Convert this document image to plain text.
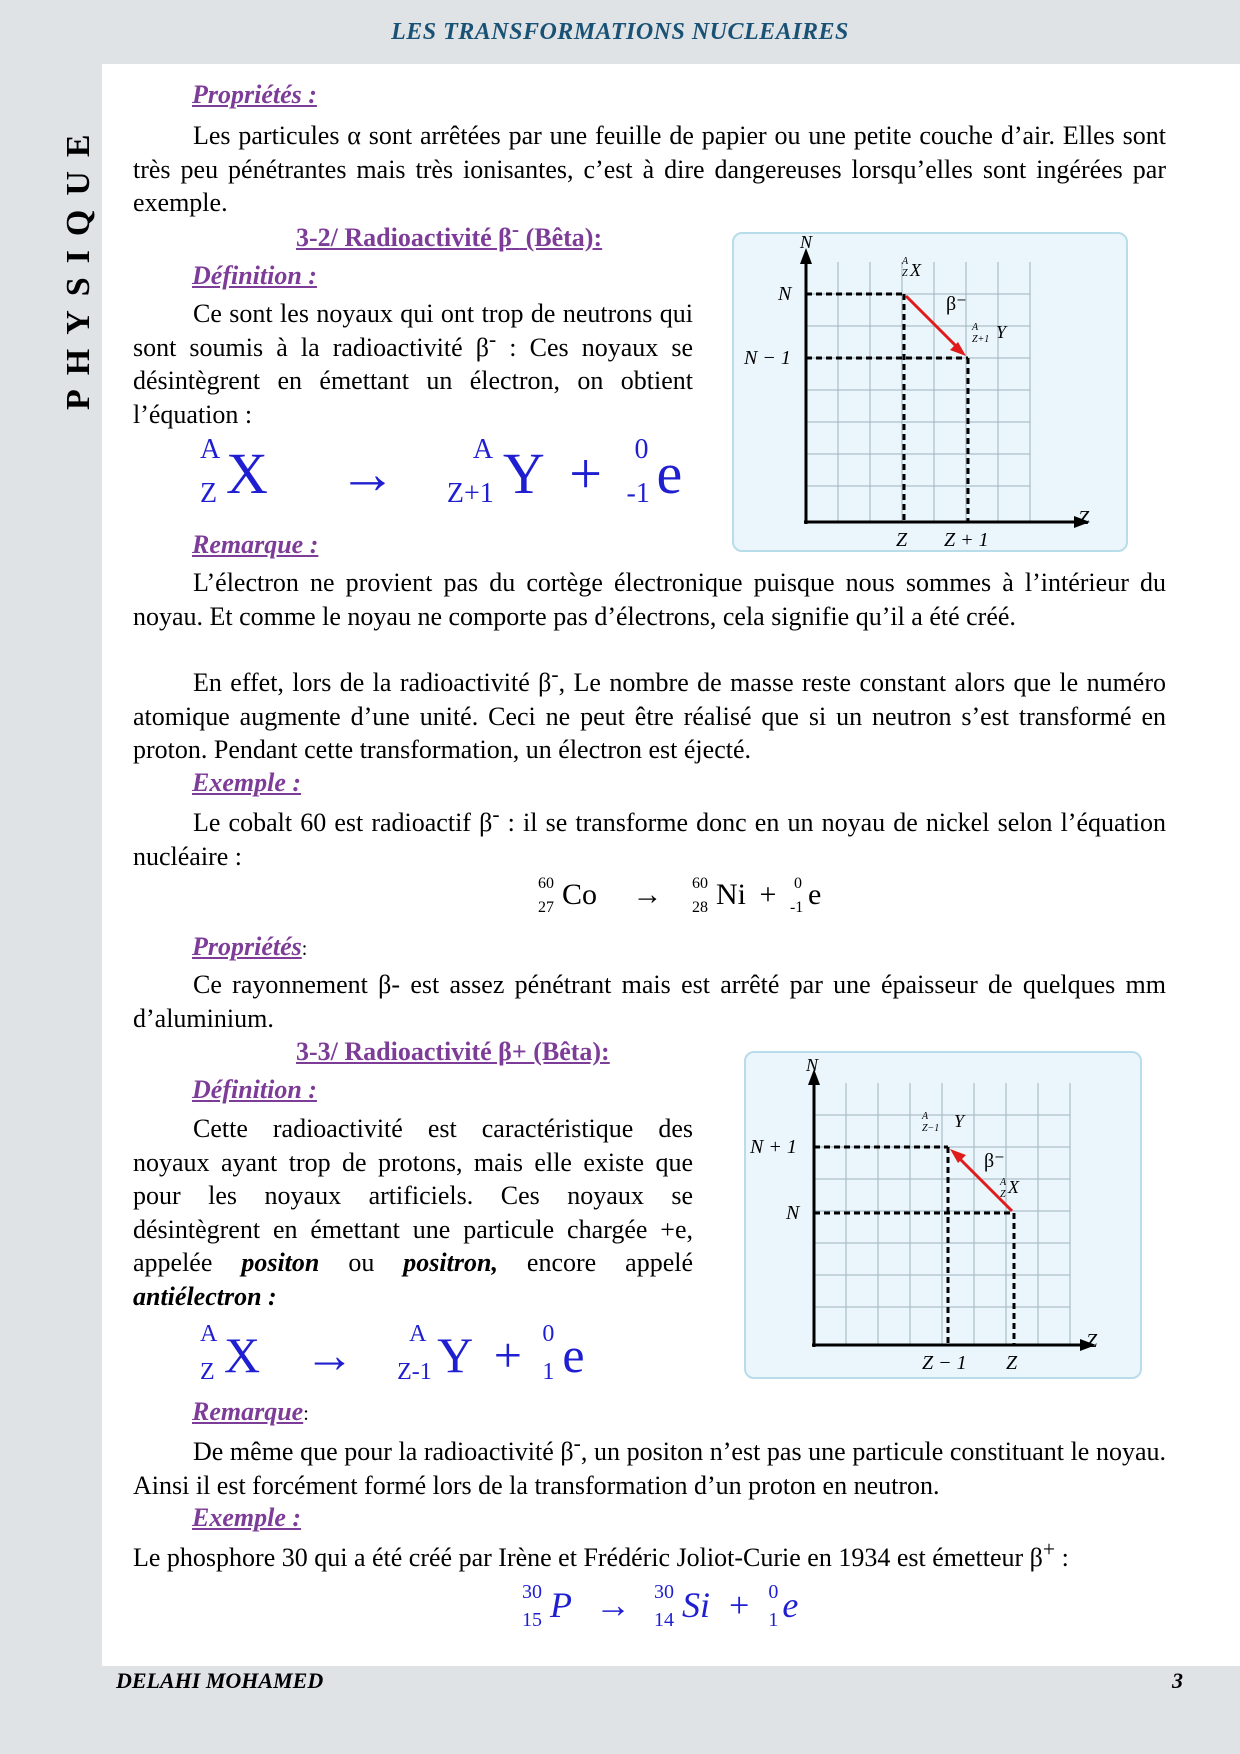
LES TRANSFORMATIONS NUCLEAIRES
PHYSIQUE
Propriétés :
Les particules α sont arrêtées par une feuille de papier ou une petite couche d’air. Elles sont très peu pénétrantes mais très ionisantes, c’est à dire dangereuses lorsqu’elles sont ingérées par exemple.
3-2/ Radioactivité β- (Bêta):
Définition :
Ce sont les noyaux qui ont trop de neutrons qui sont soumis à la radioactivité β- : Ces noyaux se désintègrent en émettant un électron, on obtient l’équation :
A
Z X →	A
Z+1 Y + 0
-1 e
N
Z
N
N − 1
Z Z + 1
A
Z X
A
Z+1 Y
β⁻
Remarque :
L’électron ne provient pas du cortège électronique puisque nous sommes à l’intérieur du noyau. Et comme le noyau ne comporte pas d’électrons, cela signifie qu’il a été créé.
En effet, lors de la radioactivité β-, Le nombre de masse reste constant alors que le numéro atomique augmente d’une unité. Ceci ne peut être réalisé que si un neutron s’est transformé en proton. Pendant cette transformation, un électron est éjecté.
Exemple :
Le cobalt 60 est radioactif β- : il se transforme donc en un noyau de nickel selon l’équation nucléaire :
60
27 Co → 60
28 Ni + 0
-1 e
Propriétés:
Ce rayonnement β- est assez pénétrant mais est arrêté par une épaisseur de quelques mm d’aluminium.
3-3/ Radioactivité β+ (Bêta):
Définition :
Cette radioactivité est caractéristique des noyaux ayant trop de protons, mais elle existe que pour les noyaux artificiels. Ces noyaux se désintègrent en émettant une particule chargée +e, appelée positon ou positron, encore appelé antiélectron :
A
Z X → A
Z-1 Y + 0
1 e
N
Z
N + 1
N
Z − 1 Z
A
Z−1 Y
A
Z X
β⁻
Remarque:
De même que pour la radioactivité β-, un positon n’est pas une particule constituant le noyau. Ainsi il est forcément formé lors de la transformation d’un proton en neutron.
Exemple :
Le phosphore 30 qui a été créé par Irène et Frédéric Joliot-Curie en 1934 est émetteur β+ :
30
15 P → 30
14 Si + 0
1 e
DELAHI MOHAMED	3
